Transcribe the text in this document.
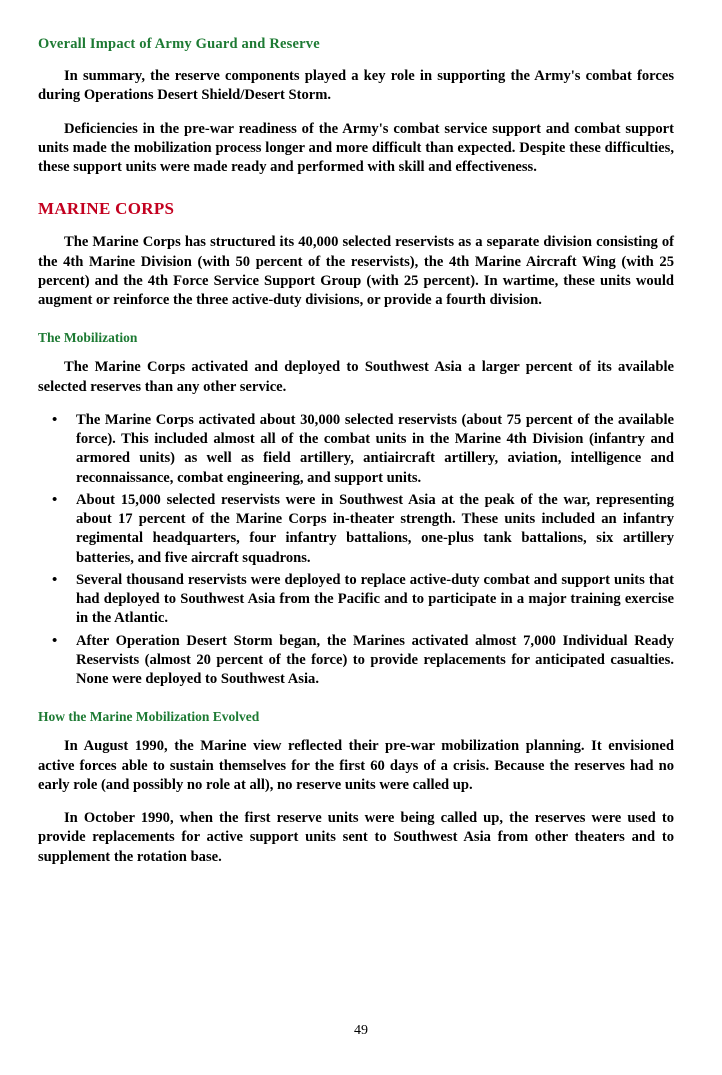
Overall Impact of Army Guard and Reserve

In summary, the reserve components played a key role in supporting the Army's combat forces during Operations Desert Shield/Desert Storm.

Deficiencies in the pre-war readiness of the Army's combat service support and combat support units made the mobilization process longer and more difficult than expected. Despite these difficulties, these support units were made ready and performed with skill and effectiveness.

MARINE CORPS

The Marine Corps has structured its 40,000 selected reservists as a separate division consisting of the 4th Marine Division (with 50 percent of the reservists), the 4th Marine Aircraft Wing (with 25 percent) and the 4th Force Service Support Group (with 25 percent). In wartime, these units would augment or reinforce the three active-duty divisions, or provide a fourth division.

The Mobilization

The Marine Corps activated and deployed to Southwest Asia a larger percent of its available selected reserves than any other service.

• The Marine Corps activated about 30,000 selected reservists (about 75 percent of the available force). This included almost all of the combat units in the Marine 4th Division (infantry and armored units) as well as field artillery, antiaircraft artillery, aviation, intelligence and reconnaissance, combat engineering, and support units.
• About 15,000 selected reservists were in Southwest Asia at the peak of the war, representing about 17 percent of the Marine Corps in-theater strength. These units included an infantry regimental headquarters, four infantry battalions, one-plus tank battalions, six artillery batteries, and five aircraft squadrons.
• Several thousand reservists were deployed to replace active-duty combat and support units that had deployed to Southwest Asia from the Pacific and to participate in a major training exercise in the Atlantic.
• After Operation Desert Storm began, the Marines activated almost 7,000 Individual Ready Reservists (almost 20 percent of the force) to provide replacements for anticipated casualties. None were deployed to Southwest Asia.
How the Marine Mobilization Evolved

In August 1990, the Marine view reflected their pre-war mobilization planning. It envisioned active forces able to sustain themselves for the first 60 days of a crisis. Because the reserves had no early role (and possibly no role at all), no reserve units were called up.

In October 1990, when the first reserve units were being called up, the reserves were used to provide replacements for active support units sent to Southwest Asia from other theaters and to supplement the rotation base.

49
